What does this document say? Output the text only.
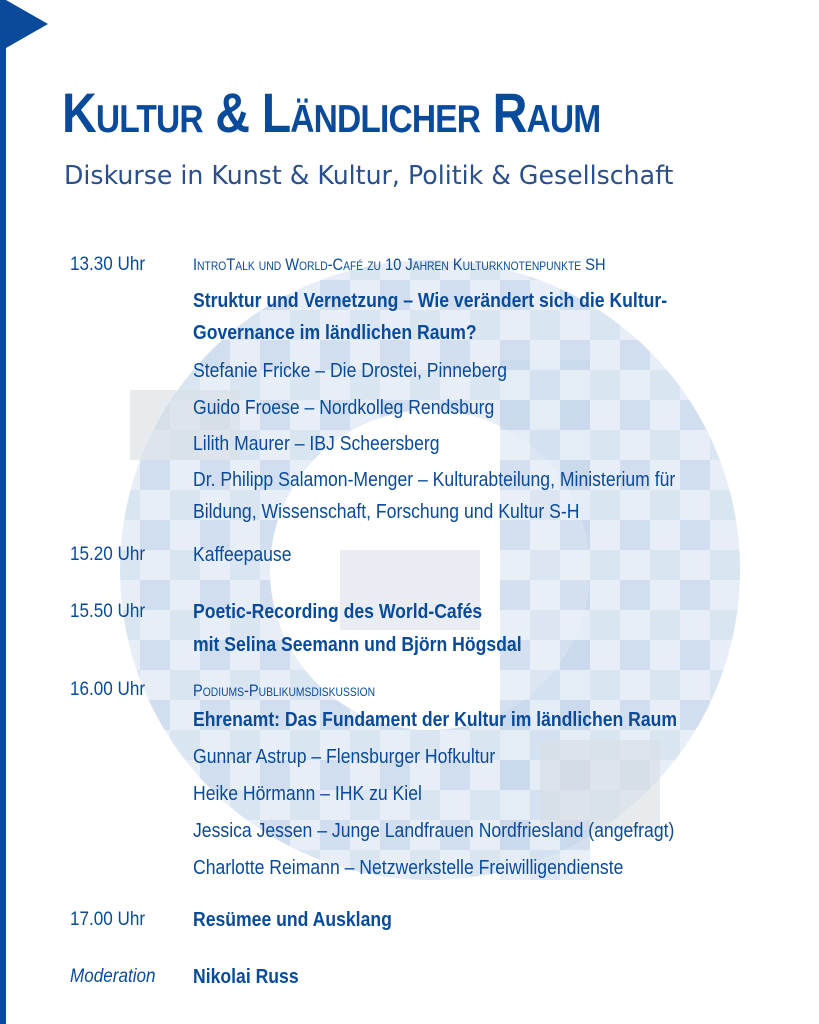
Kultur & Ländlicher Raum

Diskurse in Kunst & Kultur, Politik & Gesellschaft

13.30 Uhr	IntroTalk und World-Café zu 10 Jahren Kulturknotenpunkte SH
Struktur und Vernetzung – Wie verändert sich die Kultur-
Governance im ländlichen Raum?
Stefanie Fricke – Die Drostei, Pinneberg
Guido Froese – Nordkolleg Rendsburg
Lilith Maurer – IBJ Scheersberg
Dr. Philipp Salamon-Menger – Kulturabteilung, Ministerium für
Bildung, Wissenschaft, Forschung und Kultur S-H
15.20 Uhr Kaffeepause
15.50 Uhr Poetic-Recording des World-Cafés
mit Selina Seemann und Björn Högsdal
16.00 Uhr	Podiums-Publikumsdiskussion
Ehrenamt: Das Fundament der Kultur im ländlichen Raum
Gunnar Astrup – Flensburger Hofkultur
Heike Hörmann – IHK zu Kiel
Jessica Jessen – Junge Landfrauen Nordfriesland (angefragt)
Charlotte Reimann – Netzwerkstelle Freiwilligendienste
17.00 Uhr Resümee und Ausklang
Moderation Nikolai Russ
